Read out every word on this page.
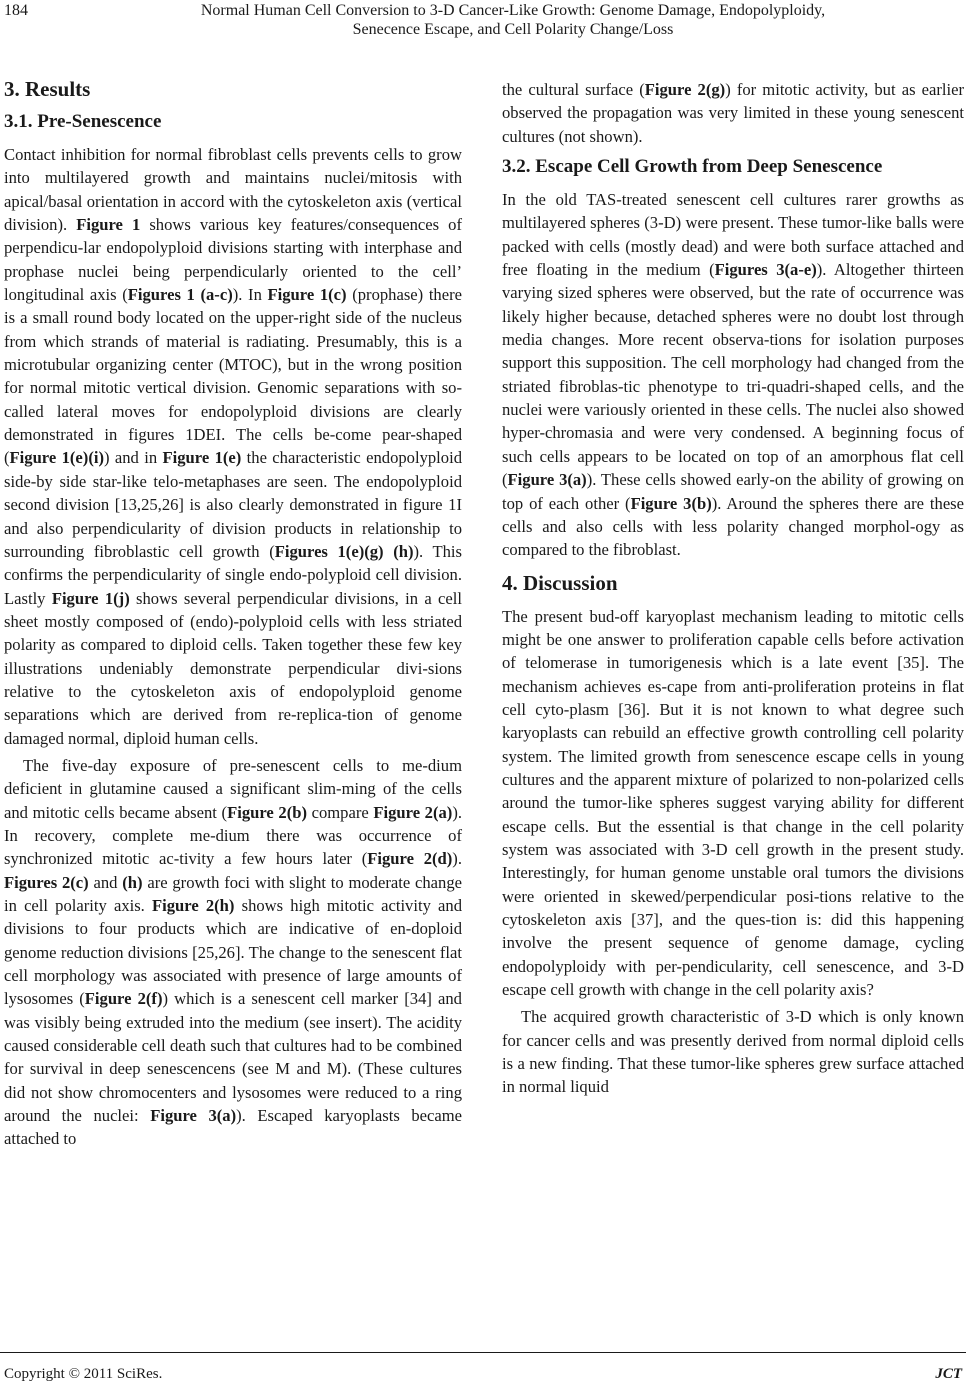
184	Normal Human Cell Conversion to 3-D Cancer-Like Growth: Genome Damage, Endopolyploidy,
Senecence Escape, and Cell Polarity Change/Loss
3. Results
3.1. Pre-Senescence

Contact inhibition for normal fibroblast cells prevents cells to grow into multilayered growth and maintains nuclei/mitosis with apical/basal orientation in accord with the cytoskeleton axis (vertical division). Figure 1 shows various key features/consequences of perpendicu-lar endopolyploid divisions starting with interphase and prophase nuclei being perpendicularly oriented to the cell’ longitudinal axis (Figures 1 (a-c)). In Figure 1(c) (prophase) there is a small round body located on the upper-right side of the nucleus from which strands of material is radiating. Presumably, this is a microtubular organizing center (MTOC), but in the wrong position for normal mitotic vertical division. Genomic separations with so-called lateral moves for endopolyploid divisions are clearly demonstrated in figures 1DEI. The cells be-come pear-shaped (Figure 1(e)(i)) and in Figure 1(e) the characteristic endopolyploid side-by side star-like telo-metaphases are seen. The endopolyploid second division [13,25,26] is also clearly demonstrated in figure 1I and also perpendicularity of division products in relationship to surrounding fibroblastic cell growth (Figures 1(e)(g) (h)). This confirms the perpendicularity of single endo-polyploid cell division. Lastly Figure 1(j) shows several perpendicular divisions, in a cell sheet mostly composed of (endo)-polyploid cells with less striated polarity as compared to diploid cells. Taken together these few key illustrations undeniably demonstrate perpendicular divi-sions relative to the cytoskeleton axis of endopolyploid genome separations which are derived from re-replica-tion of genome damaged normal, diploid human cells.

The five-day exposure of pre-senescent cells to me-dium deficient in glutamine caused a significant slim-ming of the cells and mitotic cells became absent (Figure 2(b) compare Figure 2(a)). In recovery, complete me-dium there was occurrence of synchronized mitotic ac-tivity a few hours later (Figure 2(d)). Figures 2(c) and (h) are growth foci with slight to moderate change in cell polarity axis. Figure 2(h) shows high mitotic activity and divisions to four products which are indicative of en-doploid genome reduction divisions [25,26]. The change to the senescent flat cell morphology was associated with presence of large amounts of lysosomes (Figure 2(f)) which is a senescent cell marker [34] and was visibly being extruded into the medium (see insert). The acidity caused considerable cell death such that cultures had to be combined for survival in deep senescencens (see M and M). (These cultures did not show chromocenters and lysosomes were reduced to a ring around the nuclei: Figure 3(a)). Escaped karyoplasts became attached to

the cultural surface (Figure 2(g)) for mitotic activity, but as earlier observed the propagation was very limited in these young senescent cultures (not shown).

3.2. Escape Cell Growth from Deep Senescence

In the old TAS-treated senescent cell cultures rarer growths as multilayered spheres (3-D) were present. These tumor-like balls were packed with cells (mostly dead) and were both surface attached and free floating in the medium (Figures 3(a-e)). Altogether thirteen varying sized spheres were observed, but the rate of occurrence was likely higher because, detached spheres were no doubt lost through media changes. More recent observa-tions for isolation purposes support this supposition. The cell morphology had changed from the striated fibroblas-tic phenotype to tri-quadri-shaped cells, and the nuclei were variously oriented in these cells. The nuclei also showed hyper-chromasia and were very condensed. A beginning focus of such cells appears to be located on top of an amorphous flat cell (Figure 3(a)). These cells showed early-on the ability of growing on top of each other (Figure 3(b)). Around the spheres there are these cells and also cells with less polarity changed morphol-ogy as compared to the fibroblast.

4. Discussion

The present bud-off karyoplast mechanism leading to mitotic cells might be one answer to proliferation capable cells before activation of telomerase in tumorigenesis which is a late event [35]. The mechanism achieves es-cape from anti-proliferation proteins in flat cell cyto-plasm [36]. But it is not known to what degree such karyoplasts can rebuild an effective growth controlling cell polarity system. The limited growth from senescence escape cells in young cultures and the apparent mixture of polarized to non-polarized cells around the tumor-like spheres suggest varying ability for different escape cells. But the essential is that change in the cell polarity system was associated with 3-D cell growth in the present study. Interestingly, for human genome unstable oral tumors the divisions were oriented in skewed/perpendicular posi-tions relative to the cytoskeleton axis [37], and the ques-tion is: did this happening involve the present sequence of genome damage, cycling endopolyploidy with per-pendicularity, cell senescence, and 3-D escape cell growth with change in the cell polarity axis?

The acquired growth characteristic of 3-D which is only known for cancer cells and was presently derived from normal diploid cells is a new finding. That these tumor-like spheres grew surface attached in normal liquid

Copyright © 2011 SciRes.	JCT
